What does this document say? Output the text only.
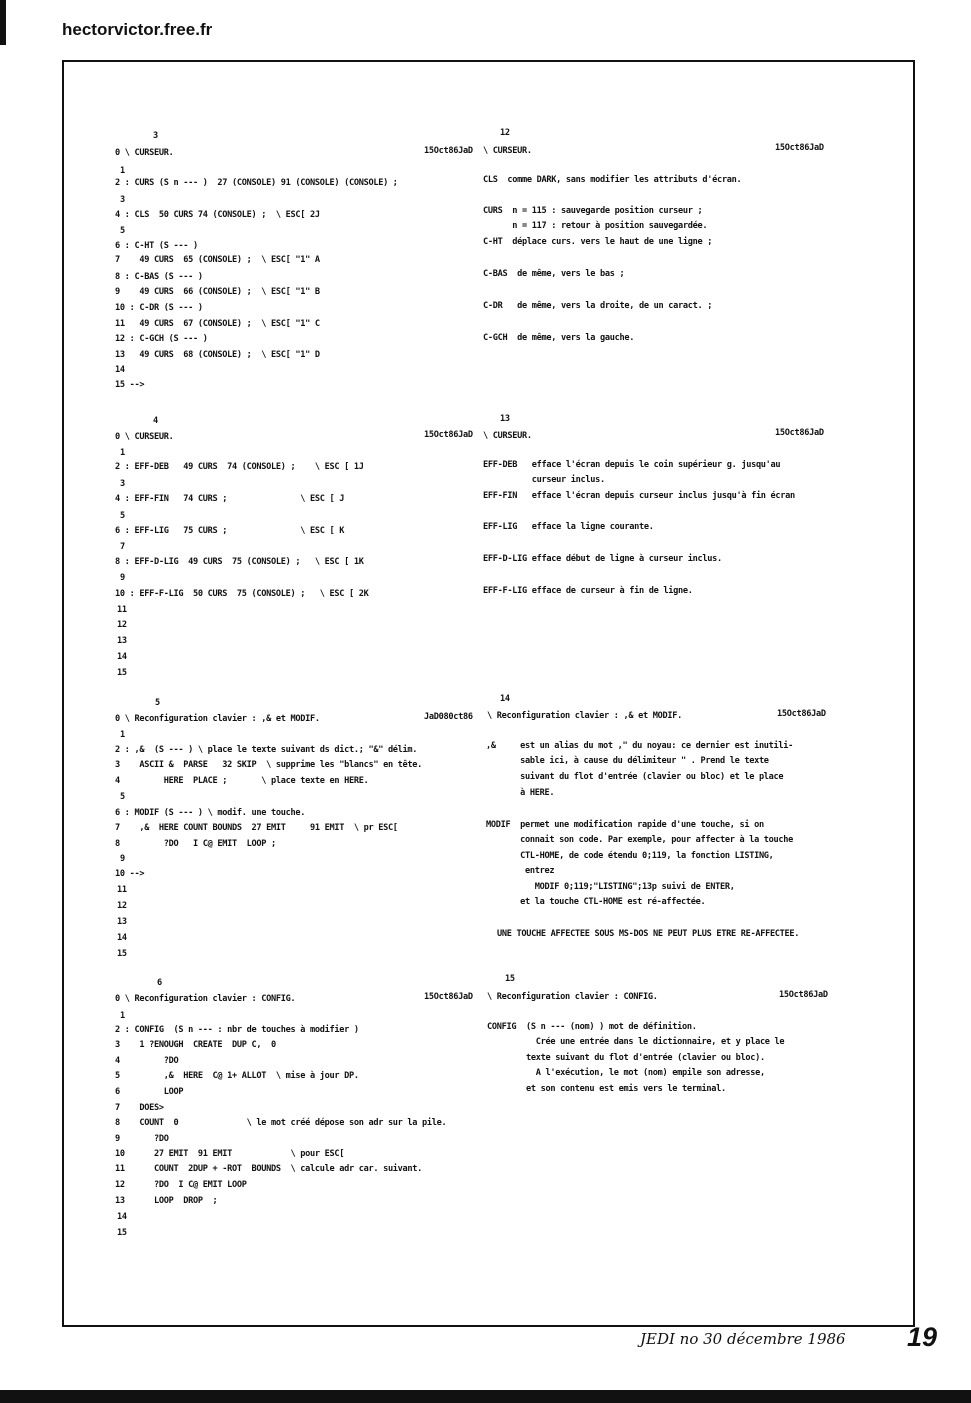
hectorvictor.free.fr
3
0 \ CURSEUR.	15Oct86JaD
1
2 : CURS (S n --- )  27 (CONSOLE) 91 (CONSOLE) (CONSOLE) ;
3
4 : CLS  50 CURS 74 (CONSOLE) ;  \ ESC[ 2J
5
6 : C-HT (S --- )
7    49 CURS  65 (CONSOLE) ;  \ ESC[ "1" A
8 : C-BAS (S --- )
9    49 CURS  66 (CONSOLE) ;  \ ESC[ "1" B
10 : C-DR (S --- )
11   49 CURS  67 (CONSOLE) ;  \ ESC[ "1" C
12 : C-GCH (S --- )
13   49 CURS  68 (CONSOLE) ;  \ ESC[ "1" D
14
15 -->
12
\ CURSEUR.	15Oct86JaD
CLS  comme DARK, sans modifier les attributs d'écran.
CURS  n = 115 : sauvegarde position curseur ;
n = 117 : retour à position sauvegardée.
C-HT  déplace curs. vers le haut de une ligne ;
C-BAS  de même, vers le bas ;
C-DR   de même, vers la droite, de un caract. ;
C-GCH  de même, vers la gauche.
4
0 \ CURSEUR.	15Oct86JaD
1
2 : EFF-DEB   49 CURS  74 (CONSOLE) ;    \ ESC [ 1J
3
4 : EFF-FIN   74 CURS ;               \ ESC [ J
5
6 : EFF-LIG   75 CURS ;               \ ESC [ K
7
8 : EFF-D-LIG  49 CURS  75 (CONSOLE) ;   \ ESC [ 1K
9
10 : EFF-F-LIG  50 CURS  75 (CONSOLE) ;   \ ESC [ 2K
11
12
13
14
15
13
\ CURSEUR.	15Oct86JaD
EFF-DEB   efface l'écran depuis le coin supérieur g. jusqu'au
curseur inclus.
EFF-FIN   efface l'écran depuis curseur inclus jusqu'à fin écran
EFF-LIG   efface la ligne courante.
EFF-D-LIG efface début de ligne à curseur inclus.
EFF-F-LIG efface de curseur à fin de ligne.
5
0 \ Reconfiguration clavier : ,& et MODIF.	JaD080ct86
1
2 : ,&  (S --- ) \ place le texte suivant ds dict.; "&" délim.
3    ASCII &  PARSE   32 SKIP  \ supprime les "blancs" en tête.
4         HERE  PLACE ;       \ place texte en HERE.
5
6 : MODIF (S --- ) \ modif. une touche.
7    ,&  HERE COUNT BOUNDS  27 EMIT     91 EMIT  \ pr ESC[
8         ?DO   I C@ EMIT  LOOP ;
9
10 -->
11
12
13
14
15
14
\ Reconfiguration clavier : ,& et MODIF.	15Oct86JaD
,&     est un alias du mot ," du noyau: ce dernier est inutili-
sable ici, à cause du délimiteur " . Prend le texte
suivant du flot d'entrée (clavier ou bloc) et le place
à HERE.
MODIF  permet une modification rapide d'une touche, si on
connait son code. Par exemple, pour affecter à la touche
CTL-HOME, de code étendu 0;119, la fonction LISTING,
entrez
MODIF 0;119;"LISTING";13p suivi de ENTER,
et la touche CTL-HOME est ré-affectée.
UNE TOUCHE AFFECTEE SOUS MS-DOS NE PEUT PLUS ETRE RE-AFFECTEE.
6
0 \ Reconfiguration clavier : CONFIG.	15Oct86JaD
1
2 : CONFIG  (S n --- : nbr de touches à modifier )
3    1 ?ENOUGH  CREATE  DUP C,  0
4         ?DO
5         ,&  HERE  C@ 1+ ALLOT  \ mise à jour DP.
6         LOOP
7    DOES>
8    COUNT  0              \ le mot créé dépose son adr sur la pile.
9       ?DO
10      27 EMIT  91 EMIT            \ pour ESC[
11      COUNT  2DUP + -ROT  BOUNDS  \ calcule adr car. suivant.
12      ?DO  I C@ EMIT LOOP
13      LOOP  DROP  ;
14
15
15
\ Reconfiguration clavier : CONFIG.	15Oct86JaD
CONFIG  (S n --- (nom) ) mot de définition.
Crée une entrée dans le dictionnaire, et y place le
texte suivant du flot d'entrée (clavier ou bloc).
A l'exécution, le mot (nom) empile son adresse,
et son contenu est emis vers le terminal.
JEDI no 30 décembre 1986 19
